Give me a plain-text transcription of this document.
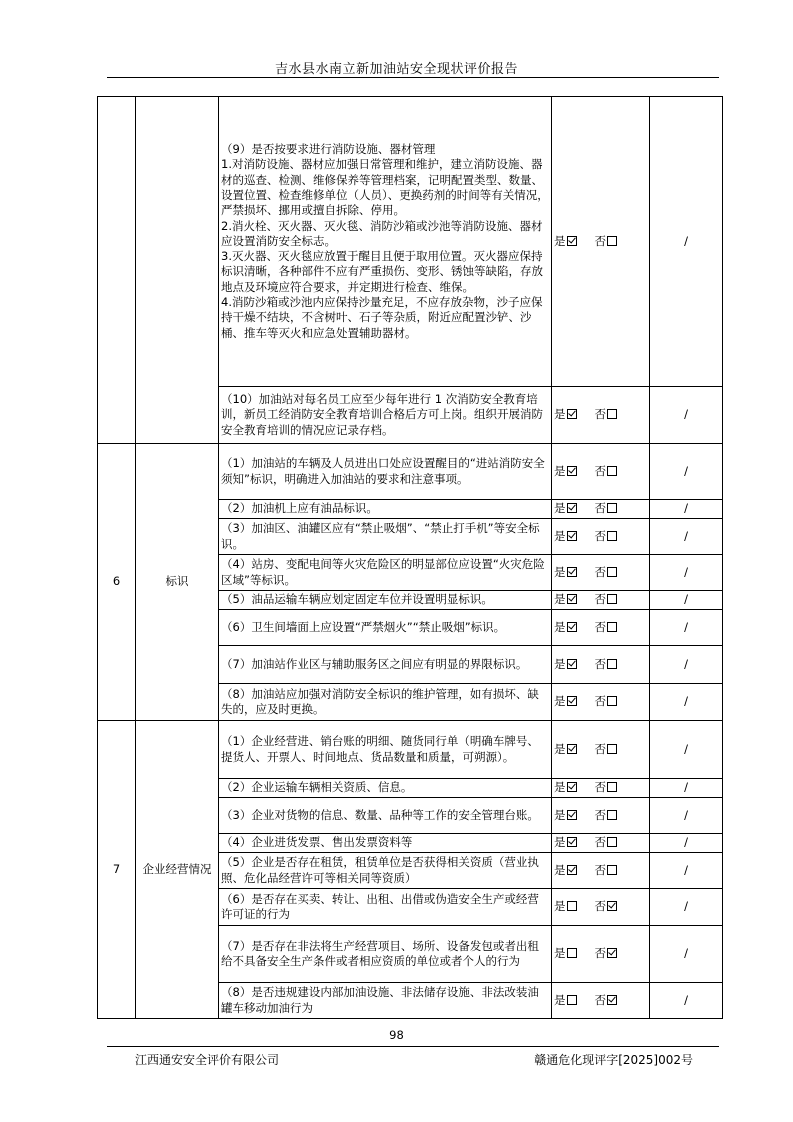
吉水县水南立新加油站安全现状评价报告

		（9）是否按要求进行消防设施、器材管理
1.对消防设施、器材应加强日常管理和维护，建立消防设施、器材的巡查、检测、维修保养等管理档案，记明配置类型、数量、设置位置、检查维修单位（人员）、更换药剂的时间等有关情况，严禁损坏、挪用或擅自拆除、停用。
2.消火栓、灭火器、灭火毯、消防沙箱或沙池等消防设施、器材应设置消防安全标志。
3.灭火器、灭火毯应放置于醒目且便于取用位置。灭火器应保持标识清晰，各种部件不应有严重损伤、变形、锈蚀等缺陷，存放地点及环境应符合要求，并定期进行检查、维保。
4.消防沙箱或沙池内应保持沙量充足，不应存放杂物，沙子应保持干燥不结块，不含树叶、石子等杂质，附近应配置沙铲、沙桶、推车等灭火和应急处置辅助器材。	是 否	/

		（10）加油站对每名员工应至少每年进行 1 次消防安全教育培训，新员工经消防安全教育培训合格后方可上岗。组织开展消防安全教育培训的情况应记录存档。	是 否	/
6	标识	（1）加油站的车辆及人员进出口处应设置醒目的“进站消防安全须知”标识，明确进入加油站的要求和注意事项。	是 否	/

		（2）加油机上应有油品标识。	是 否	/

		（3）加油区、油罐区应有“禁止吸烟”、“禁止打手机”等安全标识。	是 否	/

		（4）站房、变配电间等火灾危险区的明显部位应设置“火灾危险区域”等标识。	是 否	/

		（5）油品运输车辆应划定固定车位并设置明显标识。	是 否	/

		（6）卫生间墙面上应设置“严禁烟火”“禁止吸烟”标识。	是 否	/

		（7）加油站作业区与辅助服务区之间应有明显的界限标识。	是 否	/

		（8）加油站应加强对消防安全标识的维护管理，如有损坏、缺失的，应及时更换。	是 否	/
7	企业经营情况	（1）企业经营进、销台账的明细、随货同行单（明确车牌号、提货人、开票人、时间地点、货品数量和质量，可朔源）。	是 否	/

		（2）企业运输车辆相关资质、信息。	是 否	/

		（3）企业对货物的信息、数量、品种等工作的安全管理台账。	是 否	/

		（4）企业进货发票、售出发票资料等	是 否	/

		（5）企业是否存在租赁，租赁单位是否获得相关资质（营业执照、危化品经营许可等相关同等资质）	是 否	/

		（6）是否存在买卖、转让、出租、出借或伪造安全生产或经营许可证的行为	是 否	/

		（7）是否存在非法将生产经营项目、场所、设备发包或者出租给不具备安全生产条件或者相应资质的单位或者个人的行为	是 否	/

		（8）是否违规建设内部加油设施、非法储存设施、非法改装油罐车移动加油行为	是 否	/
98
江西通安安全评价有限公司	赣通危化现评字[2025]002号
